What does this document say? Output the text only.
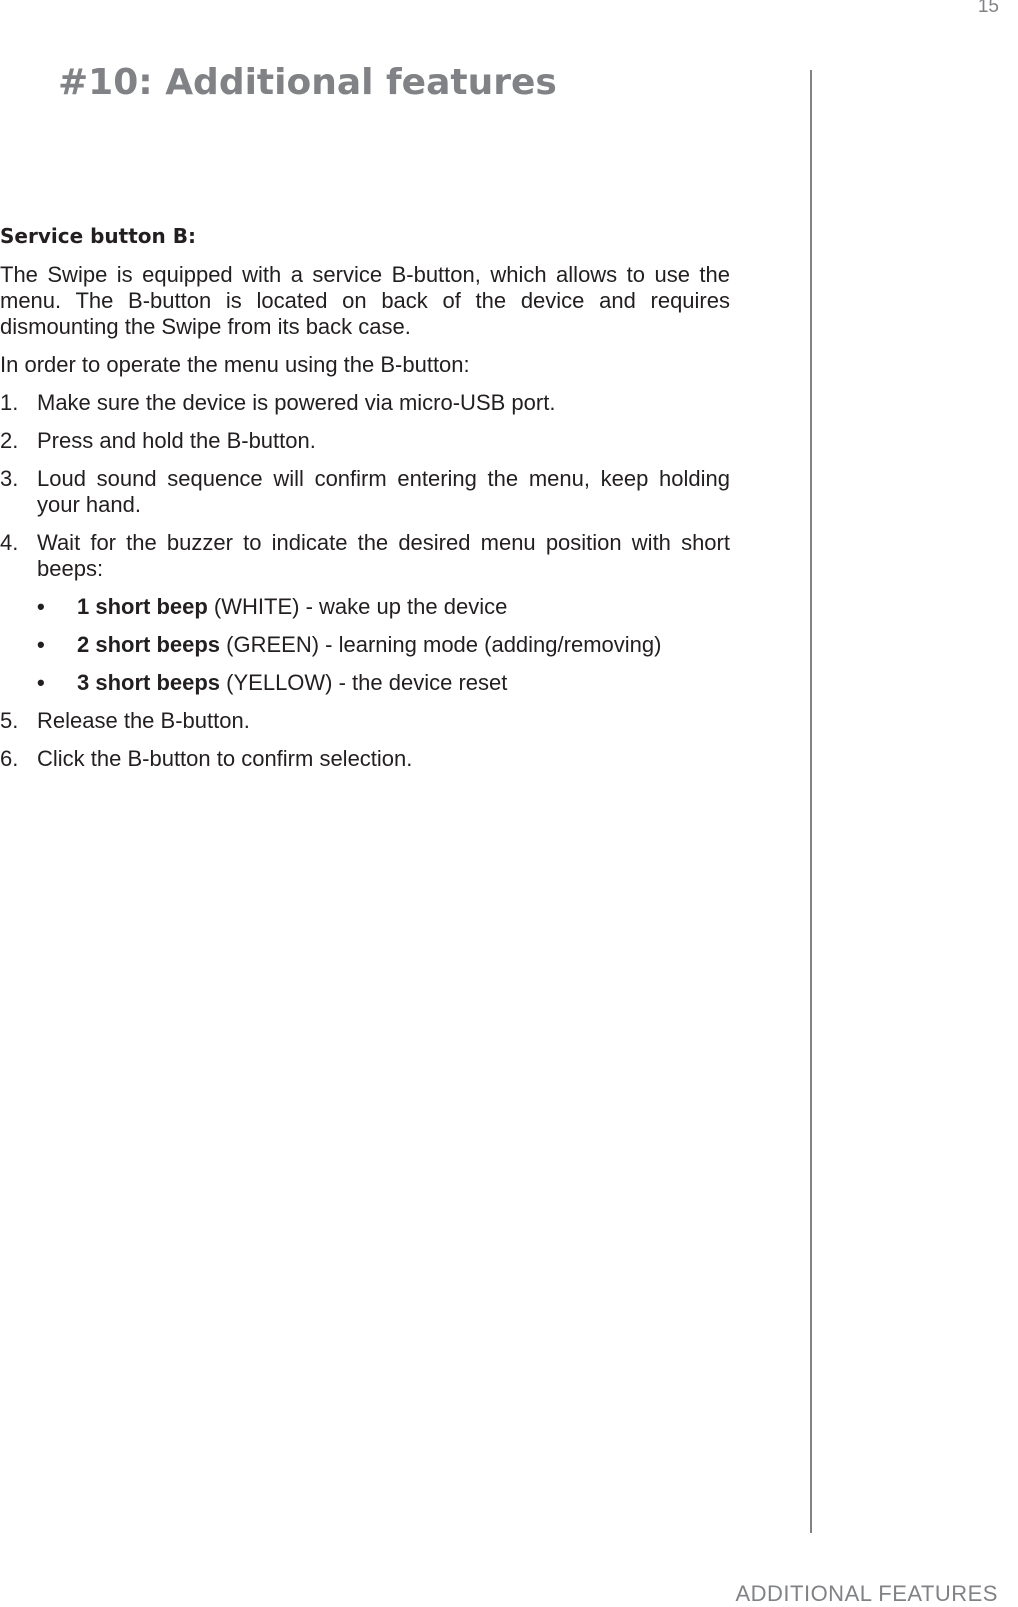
15
#10: Additional features
Service button B:

The Swipe is equipped with a service B-button, which allows to use the menu. The B-button is located on back of the device and requires dismounting the Swipe from its back case.

In order to operate the menu using the B-button:

1. Make sure the device is powered via micro-USB port.
2. Press and hold the B-button.
3. Loud sound sequence will confirm entering the menu, keep holding your hand.
4. Wait for the buzzer to indicate the desired menu position with short beeps:
• 1 short beep (WHITE) - wake up the device
• 2 short beeps (GREEN) - learning mode (adding/removing)
• 3 short beeps (YELLOW) - the device reset
5. Release the B-button.
6. Click the B-button to confirm selection.
ADDITIONAL FEATURES
